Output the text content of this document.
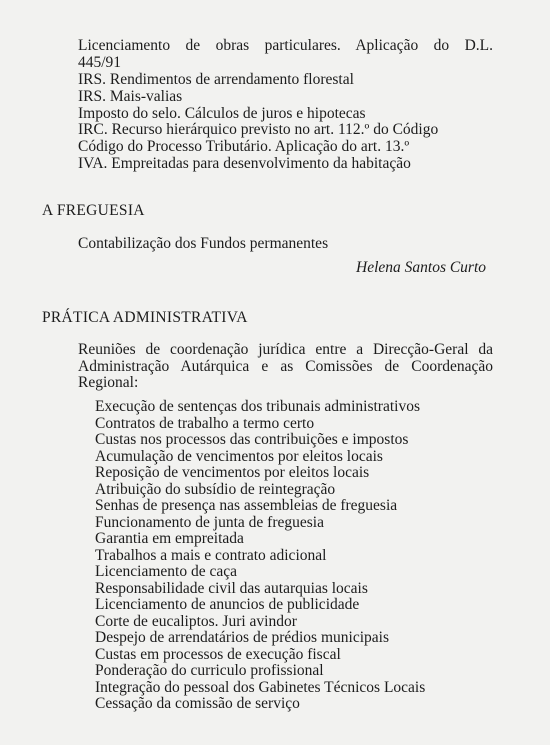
Licenciamento de obras particulares. Aplicação do D.L.
445/91
IRS. Rendimentos de arrendamento florestal
IRS. Mais-valias
Imposto do selo. Cálculos de juros e hipotecas
IRC. Recurso hierárquico previsto no art. 112.º do Código
Código do Processo Tributário. Aplicação do art. 13.º
IVA. Empreitadas para desenvolvimento da habitação
A FREGUESIA
Contabilização dos Fundos permanentes
Helena Santos Curto
PRÁTICA ADMINISTRATIVA
Reuniões de coordenação jurídica entre a Direcção-Geral da
Administração Autárquica e as Comissões de Coordenação
Regional:
Execução de sentenças dos tribunais administrativos
Contratos de trabalho a termo certo
Custas nos processos das contribuições e impostos
Acumulação de vencimentos por eleitos locais
Reposição de vencimentos por eleitos locais
Atribuição do subsídio de reintegração
Senhas de presença nas assembleias de freguesia
Funcionamento de junta de freguesia
Garantia em empreitada
Trabalhos a mais e contrato adicional
Licenciamento de caça
Responsabilidade civil das autarquias locais
Licenciamento de anuncios de publicidade
Corte de eucaliptos. Juri avindor
Despejo de arrendatários de prédios municipais
Custas em processos de execução fiscal
Ponderação do curriculo profissional
Integração do pessoal dos Gabinetes Técnicos Locais
Cessação da comissão de serviço
